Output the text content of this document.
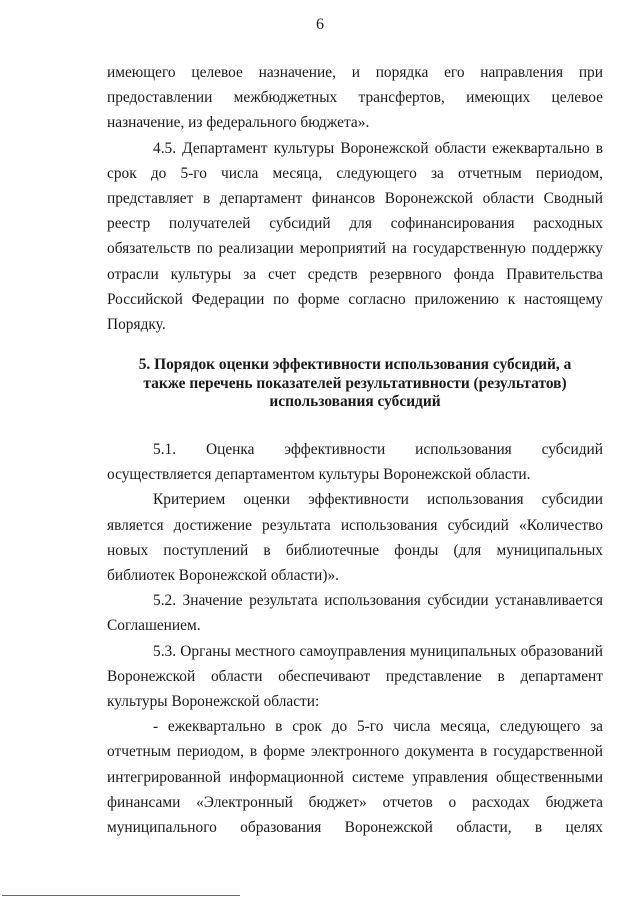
6

имеющего целевое назначение, и порядка его направления при предоставлении межбюджетных трансфертов, имеющих целевое назначение, из федерального бюджета».

4.5. Департамент культуры Воронежской области ежеквартально в срок до 5-го числа месяца, следующего за отчетным периодом, представляет в департамент финансов Воронежской области Сводный реестр получателей субсидий для софинансирования расходных обязательств по реализации мероприятий на государственную поддержку отрасли культуры за счет средств резервного фонда Правительства Российской Федерации по форме согласно приложению к настоящему Порядку.

5. Порядок оценки эффективности использования субсидий, а
также перечень показателей результативности (результатов)
использования субсидий

5.1. Оценка эффективности использования субсидий осуществляется департаментом культуры Воронежской области.

Критерием оценки эффективности использования субсидии является достижение результата использования субсидий «Количество новых поступлений в библиотечные фонды (для муниципальных библиотек Воронежской области)».

5.2. Значение результата использования субсидии устанавливается Соглашением.

5.3. Органы местного самоуправления муниципальных образований Воронежской области обеспечивают представление в департамент культуры Воронежской области:

- ежеквартально в срок до 5-го числа месяца, следующего за отчетным периодом, в форме электронного документа в государственной интегрированной информационной системе управления общественными финансами «Электронный бюджет» отчетов о расходах бюджета муниципального образования Воронежской области, в целях
